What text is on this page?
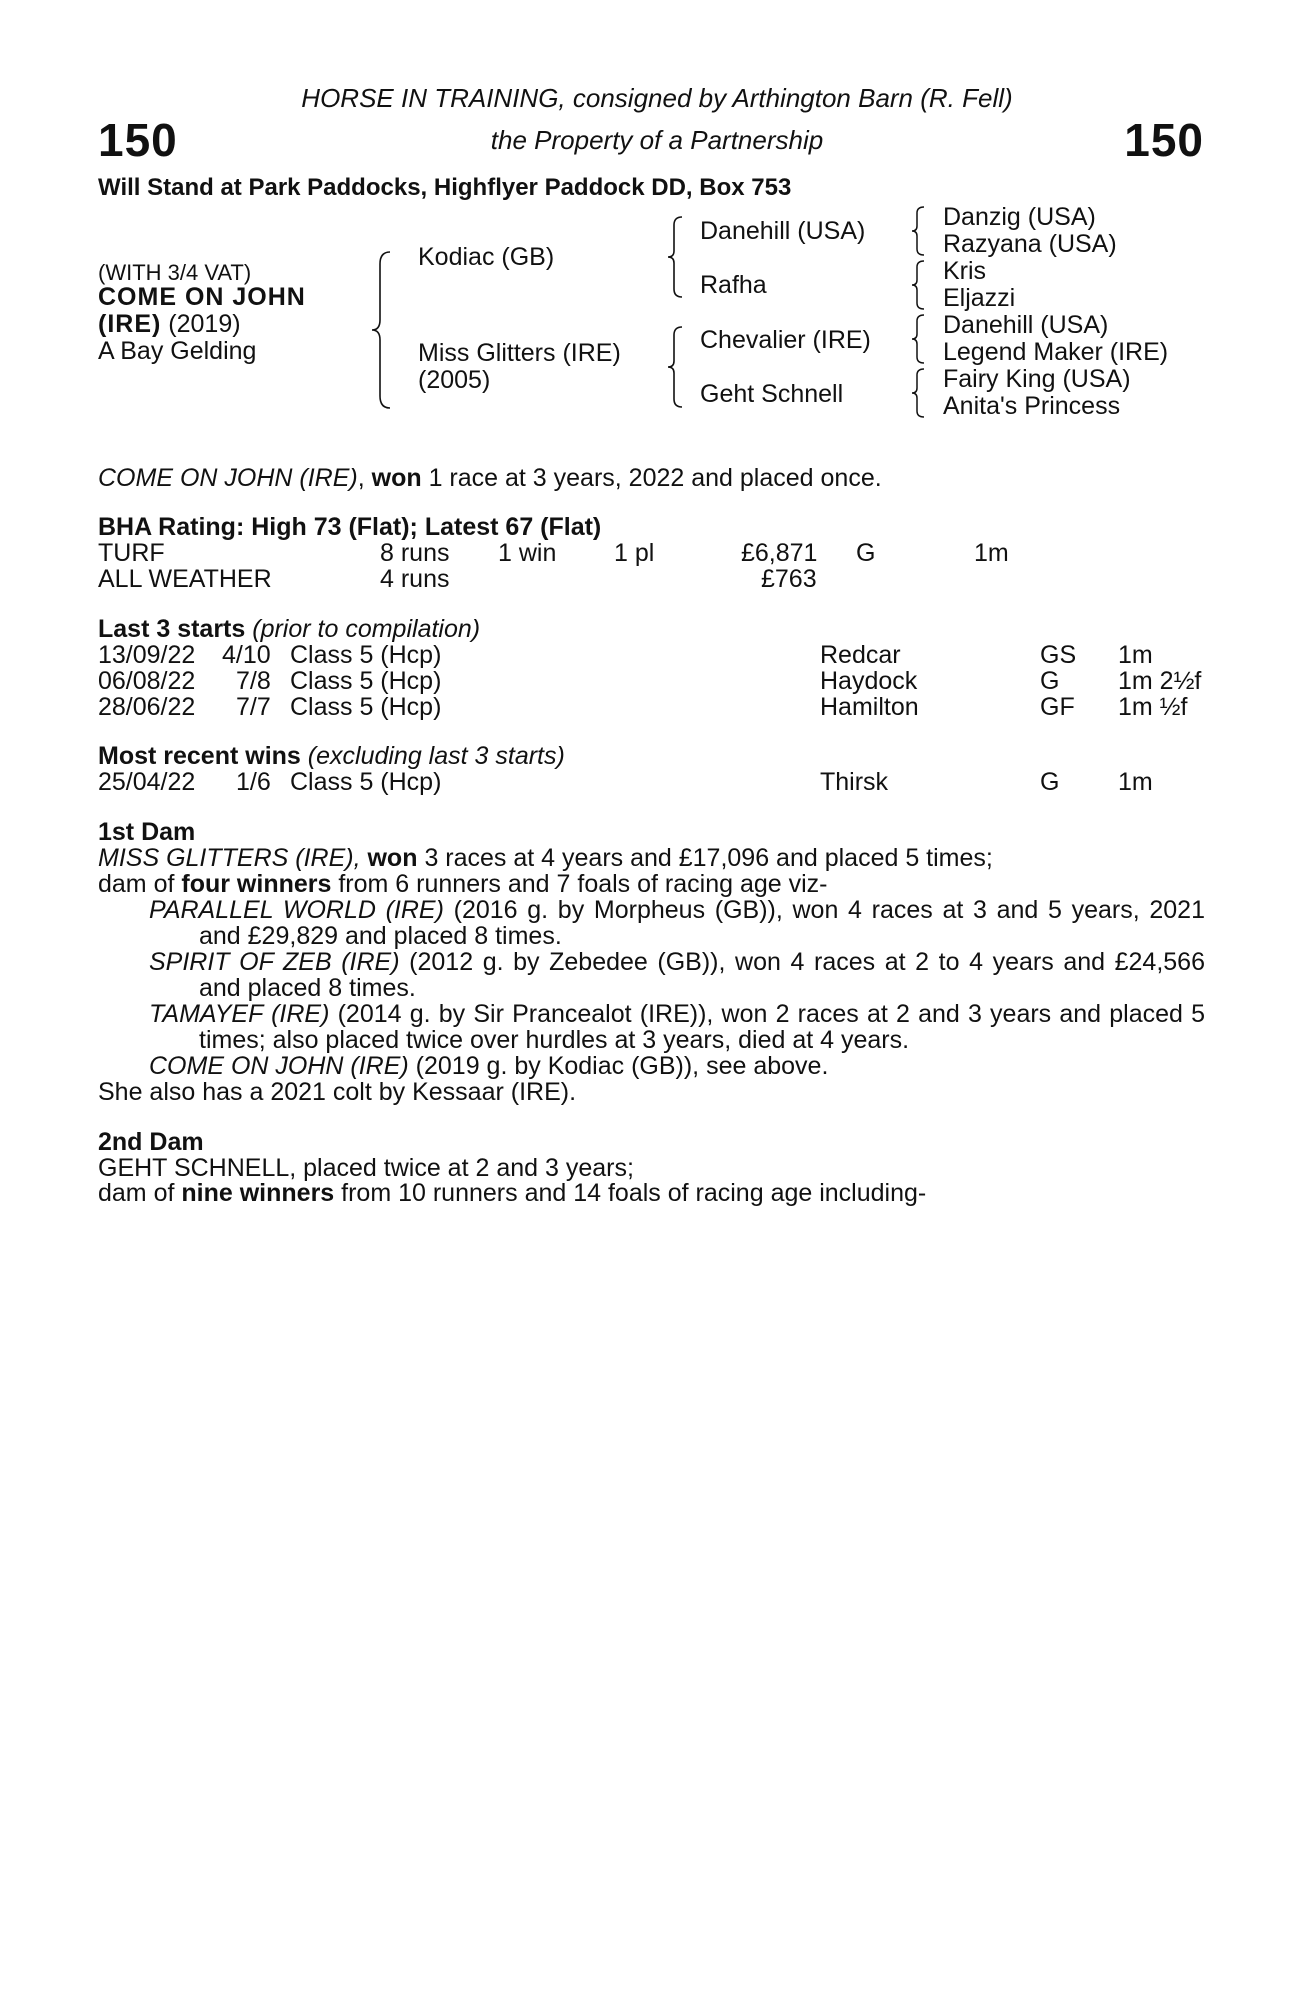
150	150
HORSE IN TRAINING, consigned by Arthington Barn (R. Fell)
the Property of a Partnership
Will Stand at Park Paddocks, Highflyer Paddock DD, Box 753
(WITH 3/4 VAT)
COME ON JOHN
(IRE) (2019)
A Bay Gelding
Kodiac (GB)
Miss Glitters (IRE)
(2005)
Danehill (USA)
Rafha
Chevalier (IRE)
Geht Schnell
Danzig (USA)
Razyana (USA)
Kris
Eljazzi
Danehill (USA)
Legend Maker (IRE)
Fairy King (USA)
Anita's Princess
COME ON JOHN (IRE), won 1 race at 3 years, 2022 and placed once.
BHA Rating: High 73 (Flat); Latest 67 (Flat)
TURF	8 runs 1 win 1 pl	£6,871 G	1m
ALL WEATHER	4 runs	£763
Last 3 starts (prior to compilation)
13/09/22 4/10 Class 5 (Hcp)	Redcar	GS 1m
06/08/22 7/8 Class 5 (Hcp)	Haydock	G 1m 2½f
28/06/22 7/7 Class 5 (Hcp)	Hamilton	GF 1m ½f
Most recent wins (excluding last 3 starts)
25/04/22 1/6 Class 5 (Hcp)	Thirsk	G 1m
1st Dam
MISS GLITTERS (IRE), won 3 races at 4 years and £17,096 and placed 5 times;
dam of four winners from 6 runners and 7 foals of racing age viz-
PARALLEL WORLD (IRE) (2016 g. by Morpheus (GB)), won 4 races at 3 and 5 years, 2021 and £29,829 and placed 8 times.
SPIRIT OF ZEB (IRE) (2012 g. by Zebedee (GB)), won 4 races at 2 to 4 years and £24,566 and placed 8 times.
TAMAYEF (IRE) (2014 g. by Sir Prancealot (IRE)), won 2 races at 2 and 3 years and placed 5 times; also placed twice over hurdles at 3 years, died at 4 years.
COME ON JOHN (IRE) (2019 g. by Kodiac (GB)), see above.
She also has a 2021 colt by Kessaar (IRE).
2nd Dam
GEHT SCHNELL, placed twice at 2 and 3 years;
dam of nine winners from 10 runners and 14 foals of racing age including-
